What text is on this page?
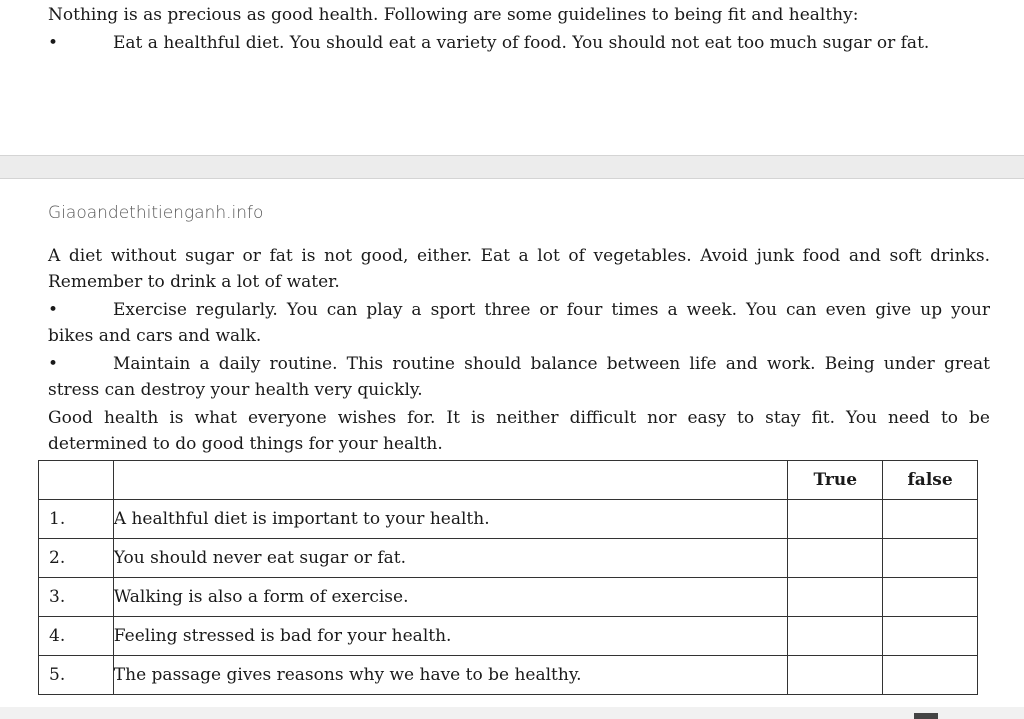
Nothing is as precious as good health. Following are some guidelines to being fit and healthy:

•	Eat a healthful diet. You should eat a variety of food. You should not eat too much sugar or fat.

Giaoandethitienganh.info

A diet without sugar or fat is not good, either. Eat a lot of vegetables. Avoid junk food and soft drinks.

Remember to drink a lot of water.

•	Exercise regularly. You can play a sport three or four times a week. You can even give up your

bikes and cars and walk.

•	Maintain a daily routine. This routine should balance between life and work. Being under great

stress can destroy your health very quickly.

Good health is what everyone wishes for. It is neither difficult nor easy to stay fit. You need to be

determined to do good things for your health.

		True	false
1.	A healthful diet is important to your health.		
2.	You should never eat sugar or fat.		
3.	Walking is also a form of exercise.		
4.	Feeling stressed is bad for your health.		
5.	The passage gives reasons why we have to be healthy.		
